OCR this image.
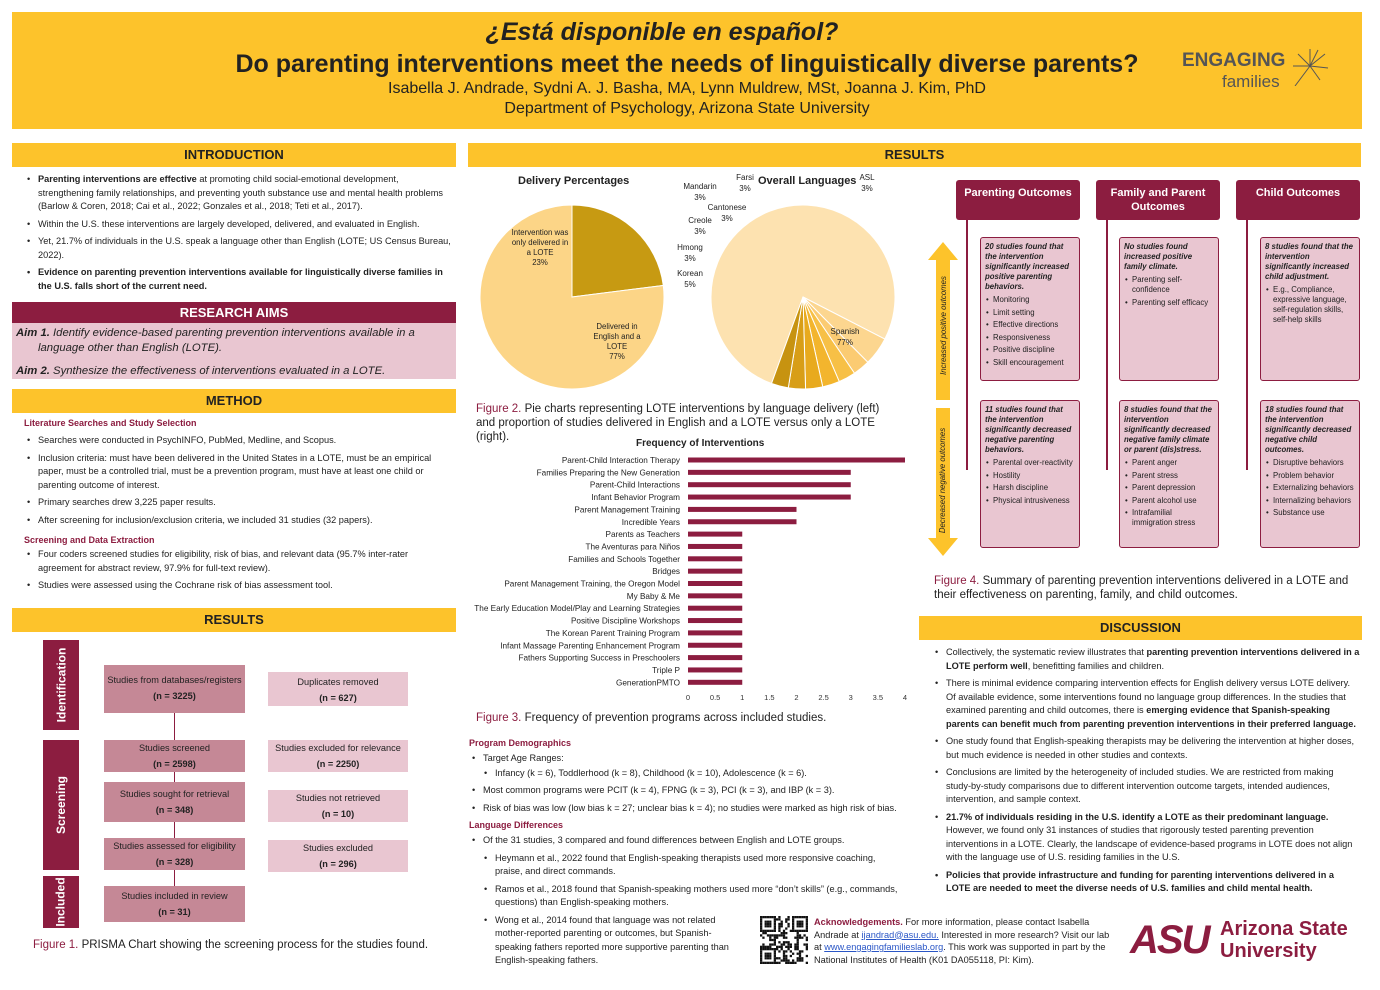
¿Está disponible en español?
Do parenting interventions meet the needs of linguistically diverse parents?
Isabella J. Andrade, Sydni A. J. Basha, MA, Lynn Muldrew, MSt, Joanna J. Kim, PhD
Department of Psychology, Arizona State University
ENGAGING
families
INTRODUCTION
• Parenting interventions are effective at promoting child social-emotional development, strengthening family relationships, and preventing youth substance use and mental health problems (Barlow & Coren, 2018; Cai et al., 2022; Gonzales et al., 2018; Teti et al., 2017).
• Within the U.S. these interventions are largely developed, delivered, and evaluated in English.
• Yet, 21.7% of individuals in the U.S. speak a language other than English (LOTE; US Census Bureau, 2022).
• Evidence on parenting prevention interventions available for linguistically diverse families in the U.S. falls short of the current need.
RESEARCH AIMS

Aim 1. Identify evidence-based parenting prevention interventions available in a language other than English (LOTE).

Aim 2. Synthesize the effectiveness of interventions evaluated in a LOTE.

METHOD
Literature Searches and Study Selection
• Searches were conducted in PsychINFO, PubMed, Medline, and Scopus.
• Inclusion criteria: must have been delivered in the United States in a LOTE, must be an empirical paper, must be a controlled trial, must be a prevention program, must have at least one child or parenting outcome of interest.
• Primary searches drew 3,225 paper results.
• After screening for inclusion/exclusion criteria, we included 31 studies (32 papers).
Screening and Data Extraction
• Four coders screened studies for eligibility, risk of bias, and relevant data (95.7% inter-rater agreement for abstract review, 97.9% for full-text review).
• Studies were assessed using the Cochrane risk of bias assessment tool.
RESULTS
Identification
Screening
Included
Studies from databases/registers
(n = 3225)
Duplicates removed
(n = 627)
Studies screened
(n = 2598)
Studies excluded for relevance
(n = 2250)
Studies sought for retrieval
(n = 348)
Studies not retrieved
(n = 10)
Studies assessed for eligibility
(n = 328)
Studies excluded
(n = 296)
Studies included in review
(n = 31)
Figure 1. PRISMA Chart showing the screening process for the studies found.
RESULTS
Delivery Percentages	Overall Languages
Intervention was only delivered in a LOTE
23%
Delivered in English and a LOTE
77%
Spanish
77%
Korean
5%
Hmong
3%
Creole
3%
Cantonese
3%
Mandarin
3%
Farsi
3%
ASL
3%
Figure 2. Pie charts representing LOTE interventions by language delivery (left) and proportion of studies delivered in English and a LOTE versus only a LOTE (right).
Frequency of Interventions
Parent-Child Interaction Therapy
Families Preparing the New Generation
Parent-Child Interactions
Infant Behavior Program
Parent Management Training
Incredible Years
Parents as Teachers
The Aventuras para Niños
Families and Schools Together
Bridges
Parent Management Training, the Oregon Model
My Baby & Me
The Early Education Model/Play and Learning Strategies
Positive Discipline Workshops
The Korean Parent Training Program
Infant Massage Parenting Enhancement Program
Fathers Supporting Success in Preschoolers
Triple P
GenerationPMTO
0	0.5	1	1.5	2	2.5	3	3.5	4
Figure 3. Frequency of prevention programs across included studies.
Program Demographics
• Target Age Ranges:
• Infancy (k = 6), Toddlerhood (k = 8), Childhood (k = 10), Adolescence (k = 6).
• Most common programs were PCIT (k = 4), FPNG (k = 3), PCI (k = 3), and IBP (k = 3).
• Risk of bias was low (low bias k = 27; unclear bias k = 4); no studies were marked as high risk of bias.
Language Differences
• Of the 31 studies, 3 compared and found differences between English and LOTE groups.
• Heymann et al., 2022 found that English-speaking therapists used more responsive coaching, praise, and direct commands.
• Ramos et al., 2018 found that Spanish-speaking mothers used more “don’t skills” (e.g., commands, questions) than English-speaking mothers.
• Wong et al., 2014 found that language was not related mother-reported parenting or outcomes, but Spanish-speaking fathers reported more supportive parenting than English-speaking fathers.
Increased positive outcomes
Decreased negative outcomes
Parenting Outcomes	Family and Parent Outcomes
Child Outcomes
20 studies found that the intervention significantly increased positive parenting behaviors.
• Monitoring
• Limit setting
• Effective directions
• Responsiveness
• Positive discipline
• Skill encouragement
No studies found increased positive family climate.
• Parenting self-confidence
• Parenting self efficacy
8 studies found that the intervention significantly increased child adjustment.
• E.g., Compliance, expressive language, self-regulation skills, self-help skills
11 studies found that the intervention significantly decreased negative parenting behaviors.
• Parental over-reactivity
• Hostility
• Harsh discipline
• Physical intrusiveness
8 studies found that the intervention significantly decreased negative family climate or parent (dis)stress.
• Parent anger
• Parent stress
• Parent depression
• Parent alcohol use
• Intrafamilial immigration stress
18 studies found that the intervention significantly decreased negative child outcomes.
• Disruptive behaviors
• Problem behavior
• Externalizing behaviors
• Internalizing behaviors
• Substance use
Figure 4. Summary of parenting prevention interventions delivered in a LOTE and their effectiveness on parenting, family, and child outcomes.
DISCUSSION
• Collectively, the systematic review illustrates that parenting prevention interventions delivered in a LOTE perform well, benefitting families and children.
• There is minimal evidence comparing intervention effects for English delivery versus LOTE delivery. Of available evidence, some interventions found no language group differences. In the studies that examined parenting and child outcomes, there is emerging evidence that Spanish-speaking parents can benefit much from parenting prevention interventions in their preferred language.
• One study found that English-speaking therapists may be delivering the intervention at higher doses, but much evidence is needed in other studies and contexts.
• Conclusions are limited by the heterogeneity of included studies. We are restricted from making study-by-study comparisons due to different intervention outcome targets, intended audiences, intervention, and sample context.
• 21.7% of individuals residing in the U.S. identify a LOTE as their predominant language. However, we found only 31 instances of studies that rigorously tested parenting prevention interventions in a LOTE. Clearly, the landscape of evidence-based programs in LOTE does not align with the language use of U.S. residing families in the U.S.
• Policies that provide infrastructure and funding for parenting interventions delivered in a LOTE are needed to meet the diverse needs of U.S. families and child mental health.
Acknowledgements. For more information, please contact Isabella Andrade at ijandrad@asu.edu. Interested in more research? Visit our lab at www.engagingfamilieslab.org. This work was supported in part by the National Institutes of Health (K01 DA055118, PI: Kim).	ASU Arizona State
University
